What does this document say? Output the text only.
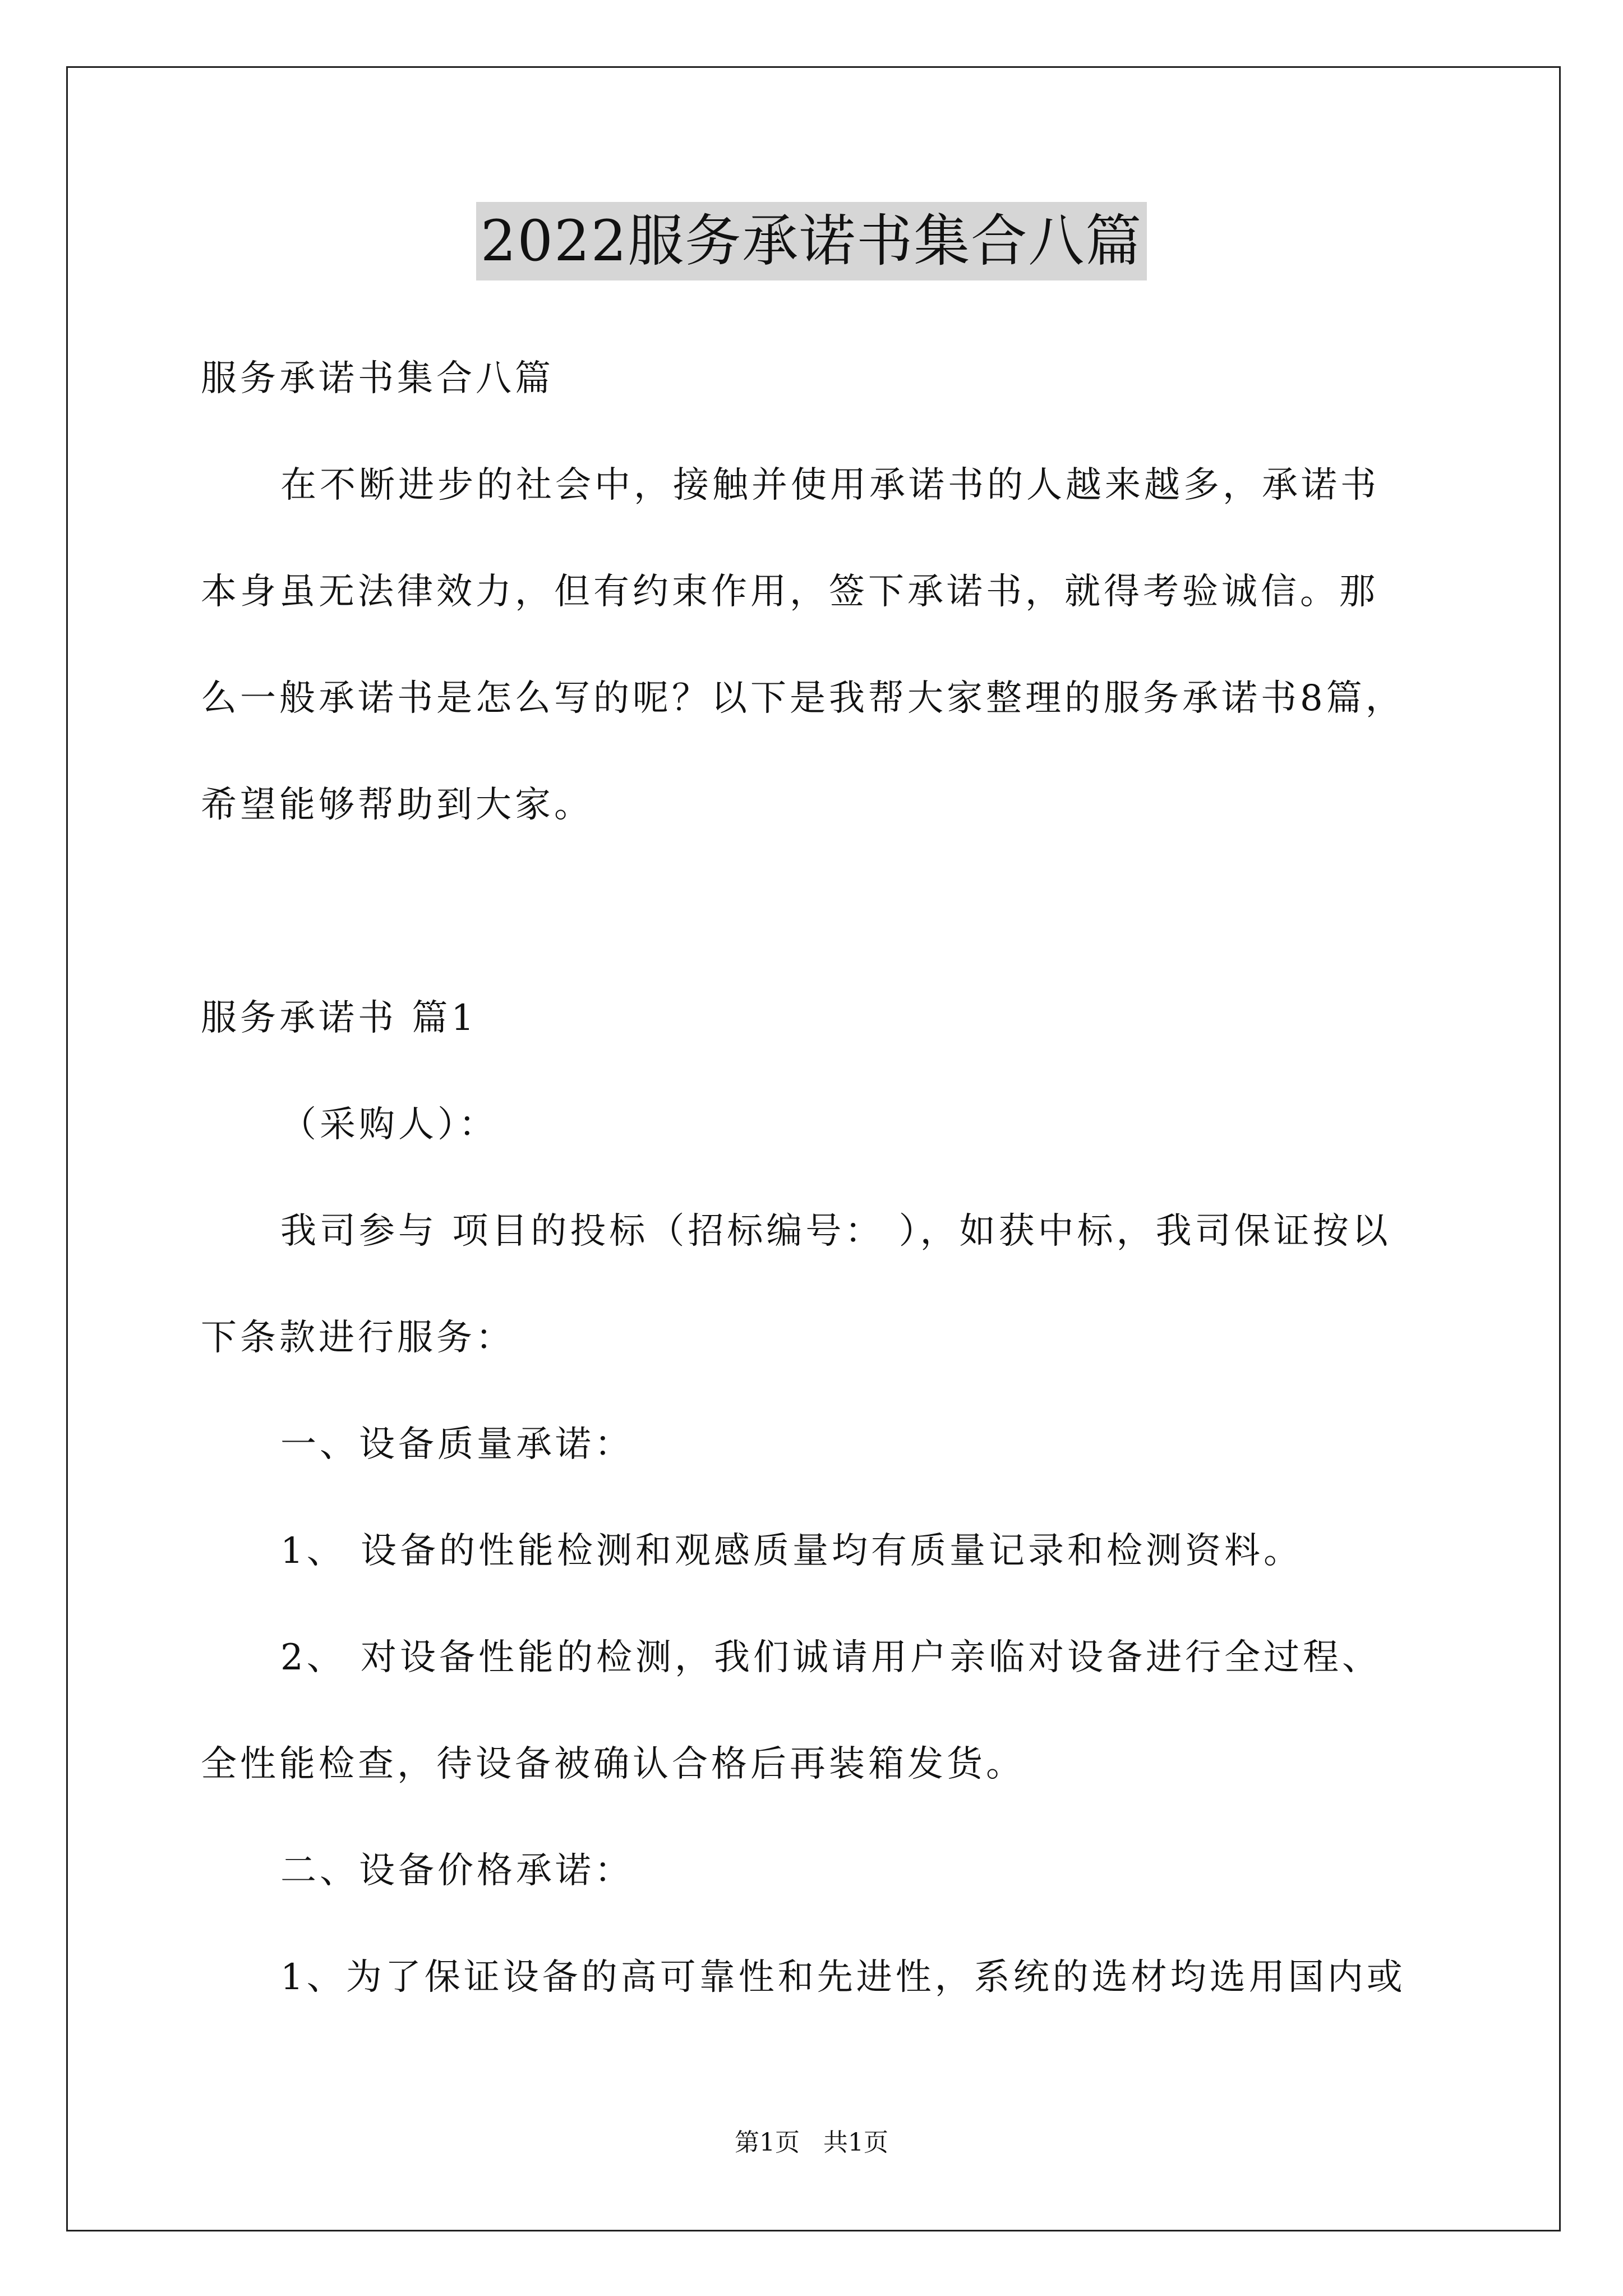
2022服务承诺书集合八篇
服务承诺书集合八篇
在不断进步的社会中，接触并使用承诺书的人越来越多，承诺书
本身虽无法律效力，但有约束作用，签下承诺书，就得考验诚信。那
么一般承诺书是怎么写的呢？以下是我帮大家整理的服务承诺书8篇，
希望能够帮助到大家。
服务承诺书 篇1
（采购人）：
我司参与 项目的投标（招标编号： ），如获中标，我司保证按以
下条款进行服务：
一、设备质量承诺：
1、 设备的性能检测和观感质量均有质量记录和检测资料。
2、 对设备性能的检测，我们诚请用户亲临对设备进行全过程、
全性能检查，待设备被确认合格后再装箱发货。
二、设备价格承诺：
1、为了保证设备的高可靠性和先进性，系统的选材均选用国内或
第1页   共1页
